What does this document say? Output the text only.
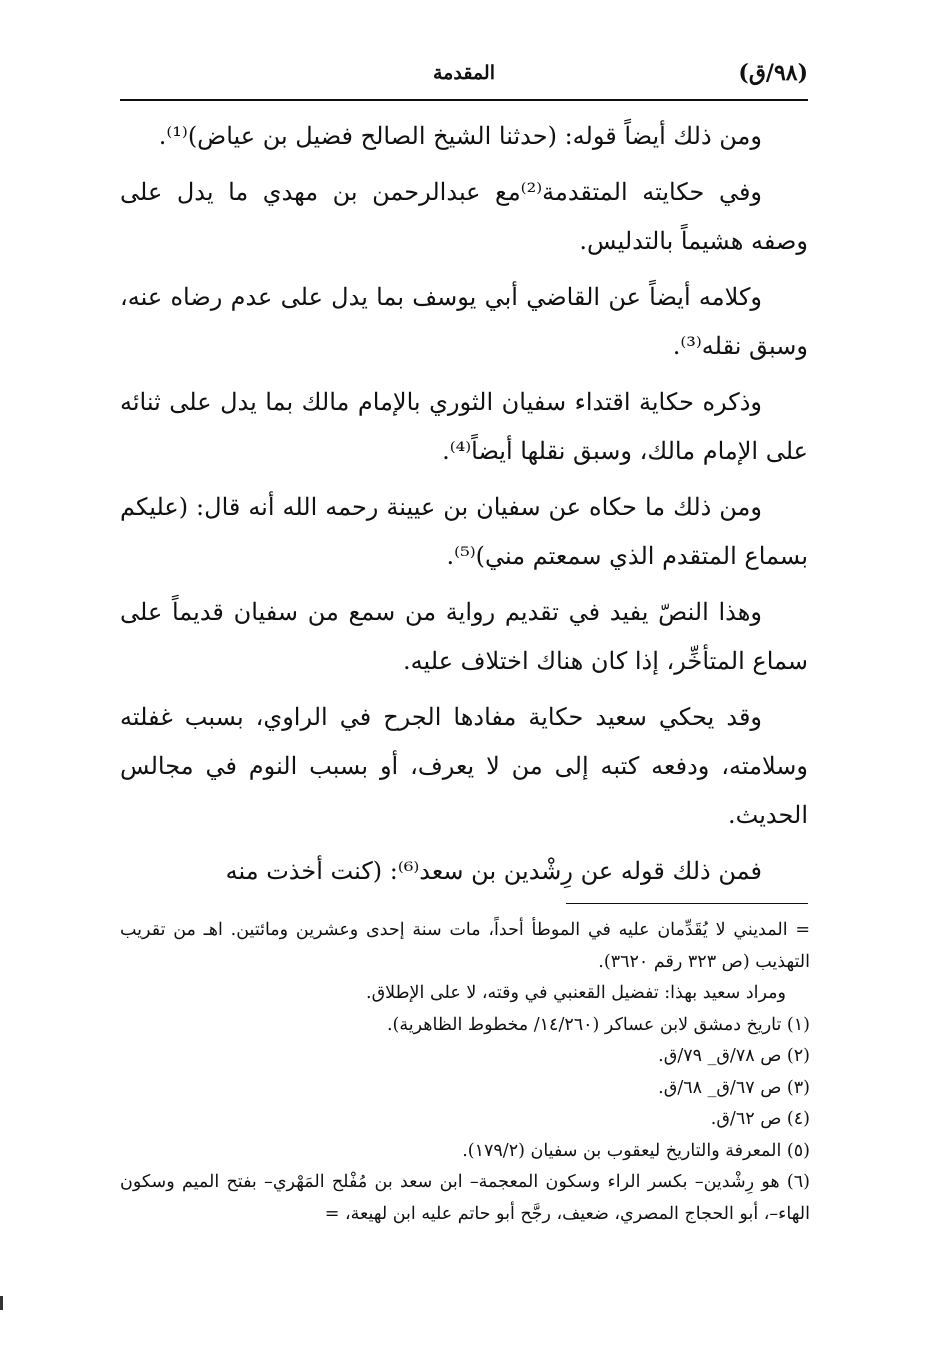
(٩٨/ق)
المقدمة

ومن ذلك أيضاً قوله: (حدثنا الشيخ الصالح فضيل بن عياض)⁽¹⁾.

وفي حكايته المتقدمة⁽²⁾مع عبدالرحمن بن مهدي ما يدل على وصفه هشيماً بالتدليس.

وكلامه أيضاً عن القاضي أبي يوسف بما يدل على عدم رضاه عنه، وسبق نقله⁽³⁾.

وذكره حكاية اقتداء سفيان الثوري بالإمام مالك بما يدل على ثنائه على الإمام مالك، وسبق نقلها أيضاً⁽⁴⁾.

ومن ذلك ما حكاه عن سفيان بن عيينة رحمه الله أنه قال: (عليكم بسماع المتقدم الذي سمعتم مني)⁽⁵⁾.

وهذا النصّ يفيد في تقديم رواية من سمع من سفيان قديماً على سماع المتأخِّر، إذا كان هناك اختلاف عليه.

وقد يحكي سعيد حكاية مفادها الجرح في الراوي، بسبب غفلته وسلامته، ودفعه كتبه إلى من لا يعرف، أو بسبب النوم في مجالس الحديث.

فمن ذلك قوله عن رِشْدين بن سعد⁽⁶⁾: (كنت أخذت منه

= المديني لا يُقَدِّمان عليه في الموطأ أحداً، مات سنة إحدى وعشرين ومائتين. اهـ من تقريب التهذيب (ص ٣٢٣ رقم ٣٦٢٠).

ومراد سعيد بهذا: تفضيل القعنبي في وقته، لا على الإطلاق.

(١) تاريخ دمشق لابن عساكر (١٤/٢٦٠/ مخطوط الظاهرية).

(٢) ص ٧٨/ق_ ٧٩/ق.

(٣) ص ٦٧/ق_ ٦٨/ق.

(٤) ص ٦٢/ق.

(٥) المعرفة والتاريخ ليعقوب بن سفيان (١٧٩/٢).

(٦) هو رِشْدين– بكسر الراء وسكون المعجمة– ابن سعد بن مُفْلح المَهْري– بفتح الميم وسكون الهاء–، أبو الحجاج المصري، ضعيف، رجَّح أبو حاتم عليه ابن لهيعة، =
